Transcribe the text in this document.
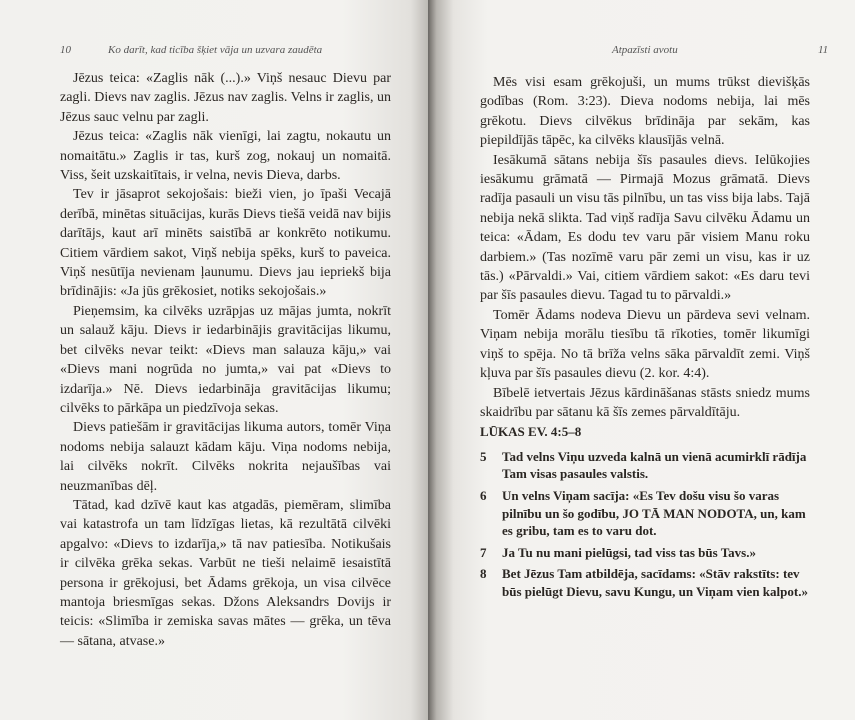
10	Ko darīt, kad ticība šķiet vāja un uzvara zaudēta

Jēzus teica: «Zaglis nāk (...).» Viņš nesauc Dievu par zagli. Dievs nav zaglis. Jēzus nav zaglis. Velns ir zaglis, un Jēzus sauc velnu par zagli.

Jēzus teica: «Zaglis nāk vienīgi, lai zagtu, nokautu un nomaitātu.» Zaglis ir tas, kurš zog, nokauj un nomaitā. Viss, šeit uzskaitītais, ir velna, nevis Dieva, darbs.

Tev ir jāsaprot sekojošais: bieži vien, jo īpaši Vecajā derībā, minētas situācijas, kurās Dievs tiešā veidā nav bijis darītājs, kaut arī minēts saistībā ar konkrēto notikumu. Citiem vārdiem sakot, Viņš nebija spēks, kurš to paveica. Viņš nesūtīja nevienam ļaunumu. Dievs jau iepriekš bija brīdinājis: «Ja jūs grēkosiet, notiks sekojošais.»

Pieņemsim, ka cilvēks uzrāpjas uz mājas jumta, nokrīt un salauž kāju. Dievs ir iedarbinājis gravitācijas likumu, bet cilvēks nevar teikt: «Dievs man salauza kāju,» vai «Dievs mani nogrūda no jumta,» vai pat «Dievs to izdarīja.» Nē. Dievs iedarbināja gravitācijas likumu; cilvēks to pārkāpa un piedzīvoja sekas.

Dievs patiešām ir gravitācijas likuma autors, tomēr Viņa nodoms nebija salauzt kādam kāju. Viņa nodoms nebija, lai cilvēks nokrīt. Cilvēks nokrita nejaušības vai neuzmanības dēļ.

Tātad, kad dzīvē kaut kas atgadās, piemēram, slimība vai katastrofa un tam līdzīgas lietas, kā rezultātā cilvēki apgalvo: «Dievs to izdarīja,» tā nav patiesība. Notikušais ir cilvēka grēka sekas. Varbūt ne tieši nelaimē iesaistītā persona ir grēkojusi, bet Ādams grēkoja, un visa cilvēce mantoja briesmīgas sekas. Džons Aleksandrs Dovijs ir teicis: «Slimība ir zemiska savas mātes — grēka, un tēva — sātana, atvase.»

Atpazīsti avotu	11

Mēs visi esam grēkojuši, un mums trūkst dievišķās godības (Rom. 3:23). Dieva nodoms nebija, lai mēs grēkotu. Dievs cilvēkus brīdināja par sekām, kas piepildījās tāpēc, ka cilvēks klausījās velnā.

Iesākumā sātans nebija šīs pasaules dievs. Ielūkojies iesākumu grāmatā — Pirmajā Mozus grāmatā. Dievs radīja pasauli un visu tās pilnību, un tas viss bija labs. Tajā nebija nekā slikta. Tad viņš radīja Savu cilvēku Ādamu un teica: «Ādam, Es dodu tev varu pār visiem Manu roku darbiem.» (Tas nozīmē varu pār zemi un visu, kas ir uz tās.) «Pārvaldi.» Vai, citiem vārdiem sakot: «Es daru tevi par šīs pasaules dievu. Tagad tu to pārvaldi.»

Tomēr Ādams nodeva Dievu un pārdeva sevi velnam. Viņam nebija morālu tiesību tā rīkoties, tomēr likumīgi viņš to spēja. No tā brīža velns sāka pārvaldīt zemi. Viņš kļuva par šīs pasaules dievu (2. kor. 4:4).

Bībelē ietvertais Jēzus kārdināšanas stāsts sniedz mums skaidrību par sātanu kā šīs zemes pārvaldītāju.

LŪKAS EV. 4:5–8

5	Tad velns Viņu uzveda kalnā un vienā acumirklī rādīja Tam visas pasaules valstis.
6	Un velns Viņam sacīja: «Es Tev došu visu šo varas pilnību un šo godību, JO TĀ MAN NODOTA, un, kam es gribu, tam es to varu dot.
7	Ja Tu nu mani pielūgsi, tad viss tas būs Tavs.»
8	Bet Jēzus Tam atbildēja, sacīdams: «Stāv rakstīts: tev būs pielūgt Dievu, savu Kungu, un Viņam vien kalpot.»
